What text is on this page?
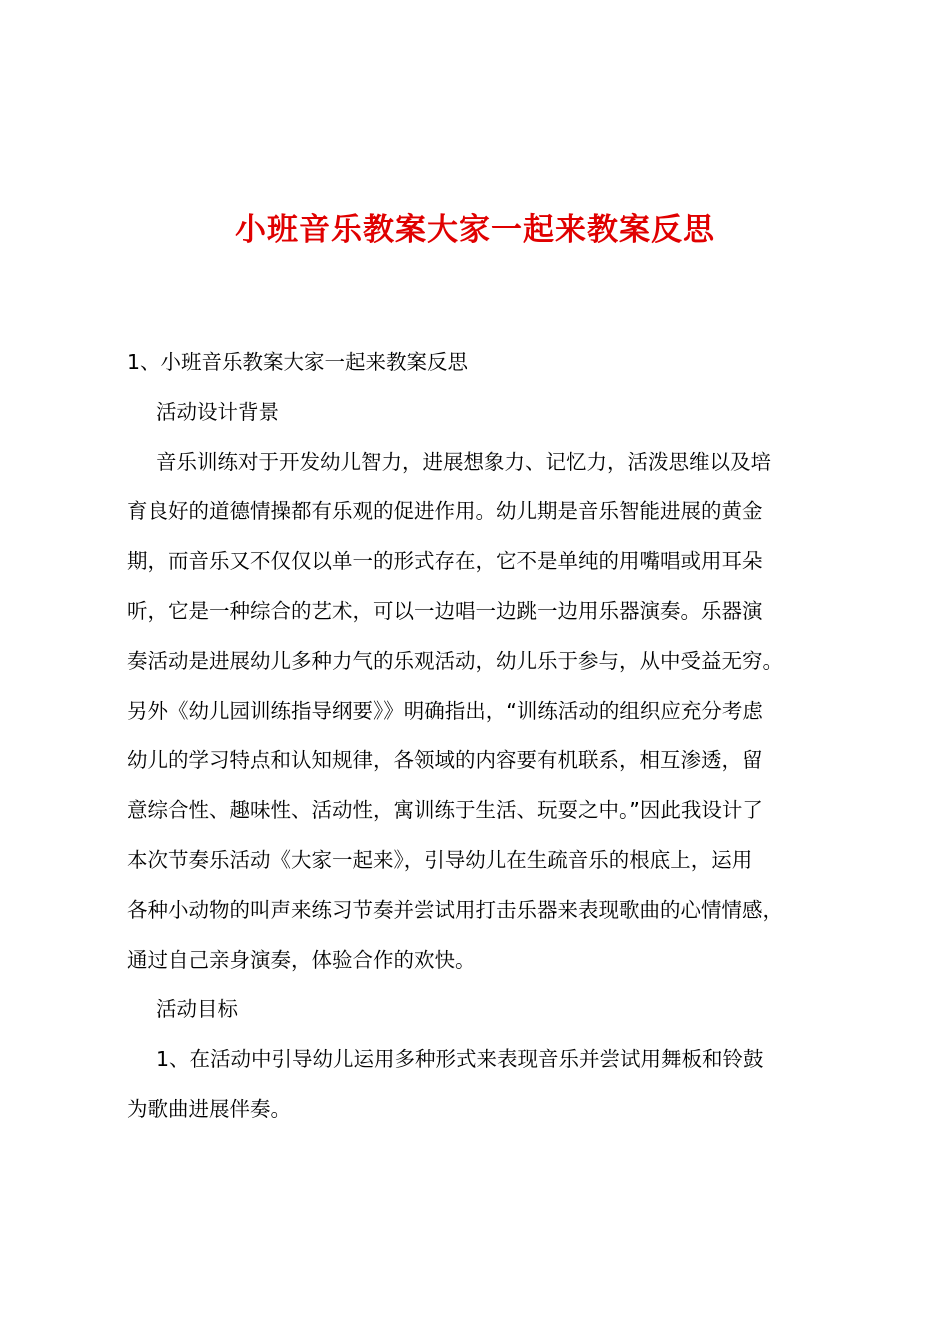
小班音乐教案大家一起来教案反思
1、小班音乐教案大家一起来教案反思
活动设计背景
音乐训练对于开发幼儿智力，进展想象力、记忆力，活泼思维以及培
育良好的道德情操都有乐观的促进作用。幼儿期是音乐智能进展的黄金
期，而音乐又不仅仅以单一的形式存在，它不是单纯的用嘴唱或用耳朵
听，它是一种综合的艺术，可以一边唱一边跳一边用乐器演奏。乐器演
奏活动是进展幼儿多种力气的乐观活动，幼儿乐于参与，从中受益无穷。
另外《幼儿园训练指导纲要》》明确指出，“训练活动的组织应充分考虑
幼儿的学习特点和认知规律，各领域的内容要有机联系，相互渗透，留
意综合性、趣味性、活动性，寓训练于生活、玩耍之中。”因此我设计了
本次节奏乐活动《大家一起来》，引导幼儿在生疏音乐的根底上，运用
各种小动物的叫声来练习节奏并尝试用打击乐器来表现歌曲的心情情感，
通过自己亲身演奏，体验合作的欢快。
活动目标
1、在活动中引导幼儿运用多种形式来表现音乐并尝试用舞板和铃鼓
为歌曲进展伴奏。
